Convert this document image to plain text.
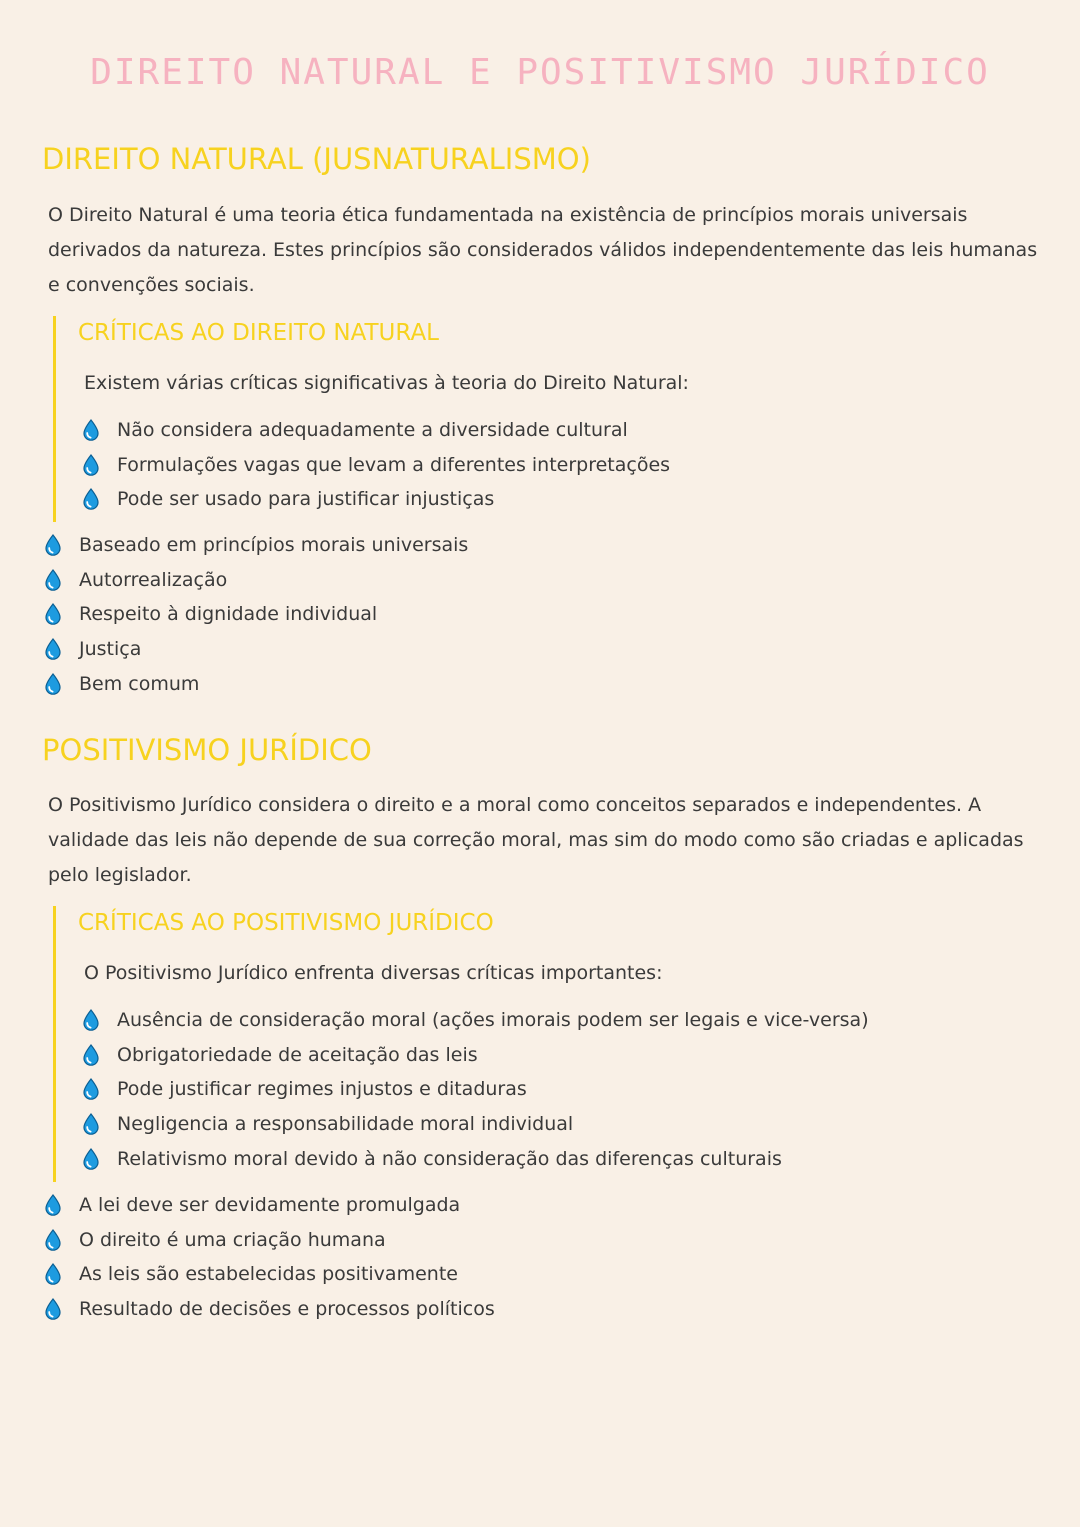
DIREITO NATURAL E POSITIVISMO JURÍDICO
DIREITO NATURAL (JUSNATURALISMO)

O Direito Natural é uma teoria ética fundamentada na existência de princípios morais universais derivados da natureza. Estes princípios são considerados válidos independentemente das leis humanas e convenções sociais.

CRÍTICAS AO DIREITO NATURAL

Existem várias críticas significativas à teoria do Direito Natural:

Não considera adequadamente a diversidade cultural
Formulações vagas que levam a diferentes interpretações
Pode ser usado para justificar injustiças
Baseado em princípios morais universais
Autorrealização
Respeito à dignidade individual
Justiça
Bem comum
POSITIVISMO JURÍDICO

O Positivismo Jurídico considera o direito e a moral como conceitos separados e independentes. A validade das leis não depende de sua correção moral, mas sim do modo como são criadas e aplicadas pelo legislador.

CRÍTICAS AO POSITIVISMO JURÍDICO

O Positivismo Jurídico enfrenta diversas críticas importantes:

Ausência de consideração moral (ações imorais podem ser legais e vice-versa)
Obrigatoriedade de aceitação das leis
Pode justificar regimes injustos e ditaduras
Negligencia a responsabilidade moral individual
Relativismo moral devido à não consideração das diferenças culturais
A lei deve ser devidamente promulgada
O direito é uma criação humana
As leis são estabelecidas positivamente
Resultado de decisões e processos políticos
